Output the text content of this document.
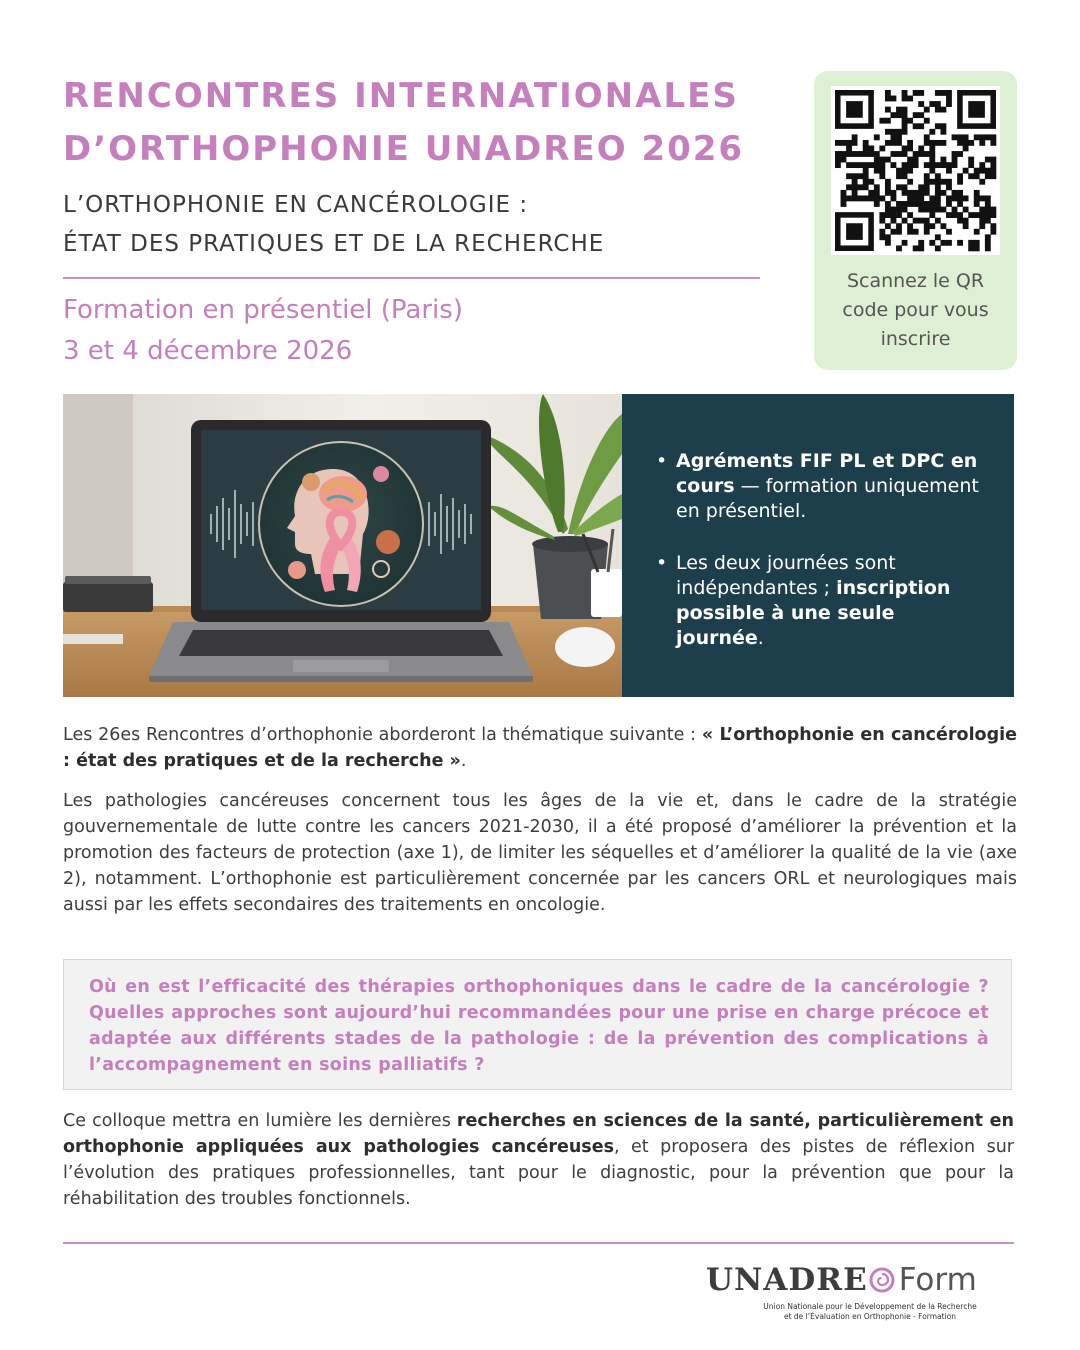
RENCONTRES INTERNATIONALES
D’ORTHOPHONIE UNADREO 2026
L’ORTHOPHONIE EN CANCÉROLOGIE :
ÉTAT DES PRATIQUES ET DE LA RECHERCHE

Formation en présentiel (Paris)

3 et 4 décembre 2026

Scannez le QR code pour vous inscrire
• Agréments FIF PL et DPC en cours — formation uniquement en présentiel.
• Les deux journées sont indépendantes ; inscription possible à une seule journée.

Les 26es Rencontres d’orthophonie aborderont la thématique suivante : « L’orthophonie en cancérologie : état des pratiques et de la recherche ».

Les pathologies cancéreuses concernent tous les âges de la vie et, dans le cadre de la stratégie gouvernementale de lutte contre les cancers 2021-2030, il a été proposé d’améliorer la prévention et la promotion des facteurs de protection (axe 1), de limiter les séquelles et d’améliorer la qualité de la vie (axe 2), notamment. L’orthophonie est particulièrement concernée par les cancers ORL et neurologiques mais aussi par les effets secondaires des traitements en oncologie.

Où en est l’efficacité des thérapies orthophoniques dans le cadre de la cancérologie ? Quelles approches sont aujourd’hui recommandées pour une prise en charge précoce et adaptée aux différents stades de la pathologie : de la prévention des complications à l’accompagnement en soins palliatifs ?

Ce colloque mettra en lumière les dernières recherches en sciences de la santé, particulièrement en orthophonie appliquées aux pathologies cancéreuses, et proposera des pistes de réflexion sur l’évolution des pratiques professionnelles, tant pour le diagnostic, pour la prévention que pour la réhabilitation des troubles fonctionnels.

UNADRE Form
Union Nationale pour le Développement de la Recherche
et de l’Évaluation en Orthophonie - Formation
